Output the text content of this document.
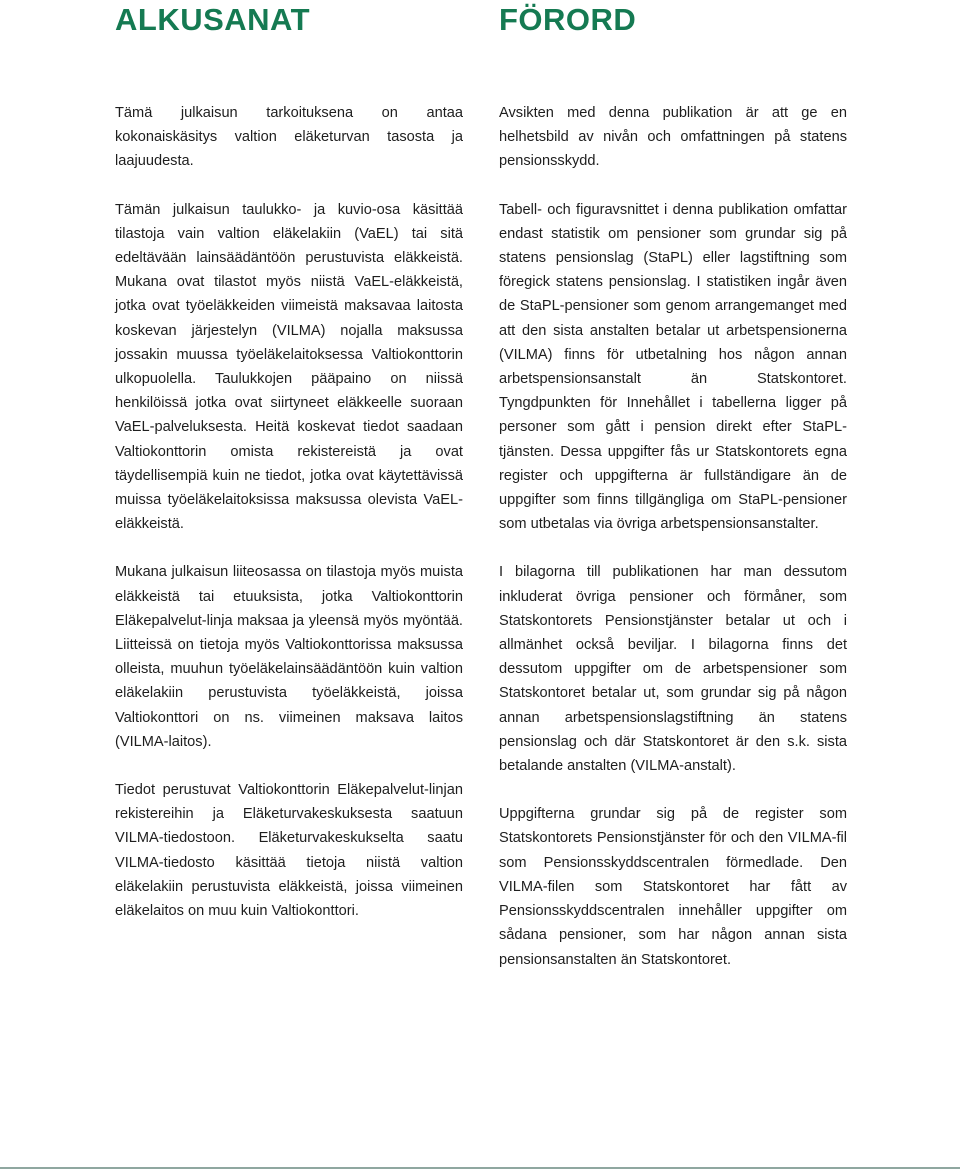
ALKUSANAT

Tämä julkaisun tarkoituksena on antaa kokonaiskäsitys valtion eläketurvan tasosta ja laajuudesta.

Tämän julkaisun taulukko- ja kuvio-osa käsittää tilastoja vain valtion eläkelakiin (VaEL) tai sitä edeltävään lainsäädäntöön perustuvista eläkkeistä. Mukana ovat tilastot myös niistä VaEL-eläkkeistä, jotka ovat työeläkkeiden viimeistä maksavaa laitosta koskevan järjestelyn (VILMA) nojalla maksussa jossakin muussa työeläkelaitoksessa Valtiokonttorin ulkopuolella. Taulukkojen pääpaino on niissä henkilöissä jotka ovat siirtyneet eläkkeelle suoraan VaEL-palveluksesta. Heitä koskevat tiedot saadaan Valtiokonttorin omista rekistereistä ja ovat täydellisempiä kuin ne tiedot, jotka ovat käytettävissä muissa työeläkelaitoksissa maksussa olevista VaEL-eläkkeistä.

Mukana julkaisun liiteosassa on tilastoja myös muista eläkkeistä tai etuuksista, jotka Valtiokonttorin Eläkepalvelut-linja maksaa ja yleensä myös myöntää. Liitteissä on tietoja myös Valtiokonttorissa maksussa olleista, muuhun työeläkelainsäädäntöön kuin valtion eläkelakiin perustuvista työeläkkeistä, joissa Valtiokonttori on ns. viimeinen maksava laitos (VILMA-laitos).

Tiedot perustuvat Valtiokonttorin Eläkepalvelut-linjan rekistereihin ja Eläketurvakeskuksesta saatuun VILMA-tiedostoon. Eläketurvakeskukselta saatu VILMA-tiedosto käsittää tietoja niistä valtion eläkelakiin perustuvista eläkkeistä, joissa viimeinen eläkelaitos on muu kuin Valtiokonttori.

FÖRORD

Avsikten med denna publikation är att ge en helhetsbild av nivån och omfattningen på statens pensionsskydd.

Tabell- och figuravsnittet i denna publikation omfattar endast statistik om pensioner som grundar sig på statens pensionslag (StaPL) eller lagstiftning som föregick statens pensionslag. I statistiken ingår även de StaPL-pensioner som genom arrangemanget med att den sista anstalten betalar ut arbetspensionerna (VILMA) finns för utbetalning hos någon annan arbetspensionsanstalt än Statskontoret. Tyngdpunkten för Innehållet i tabellerna ligger på personer som gått i pension direkt efter StaPL-tjänsten. Dessa uppgifter fås ur Statskontorets egna register och uppgifterna är fullständigare än de uppgifter som finns tillgängliga om StaPL-pensioner som utbetalas via övriga arbetspensionsanstalter.

I bilagorna till publikationen har man dessutom inkluderat övriga pensioner och förmåner, som Statskontorets Pensionstjänster betalar ut och i allmänhet också beviljar. I bilagorna finns det dessutom uppgifter om de arbetspensioner som Statskontoret betalar ut, som grundar sig på någon annan arbetspensionslagstiftning än statens pensionslag och där Statskontoret är den s.k. sista betalande anstalten (VILMA-anstalt).

Uppgifterna grundar sig på de register som Statskontorets Pensionstjänster för och den VILMA-fil som Pensionsskyddscentralen förmedlade. Den VILMA-filen som Statskontoret har fått av Pensionsskyddscentralen innehåller uppgifter om sådana pensioner, som har någon annan sista pensionsanstalten än Statskontoret.
